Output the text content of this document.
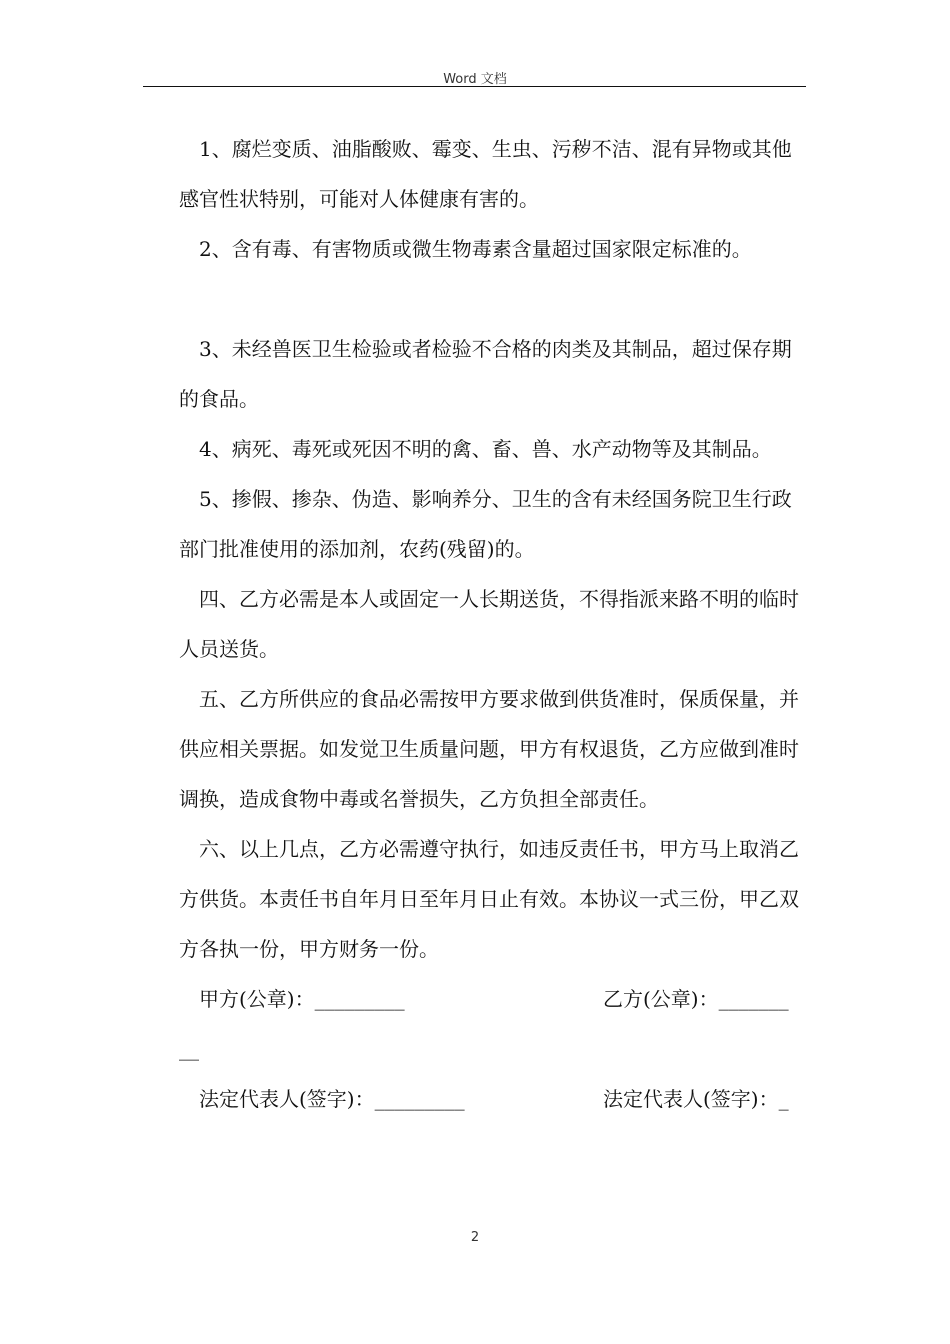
Word 文档

1、腐烂变质、油脂酸败、霉变、生虫、污秽不洁、混有异物或其他感官性状特别，可能对人体健康有害的。

2、含有毒、有害物质或微生物毒素含量超过国家限定标准的。

3、未经兽医卫生检验或者检验不合格的肉类及其制品，超过保存期的食品。

4、病死、毒死或死因不明的禽、畜、兽、水产动物等及其制品。

5、掺假、掺杂、伪造、影响养分、卫生的含有未经国务院卫生行政部门批准使用的添加剂，农药(残留)的。

四、乙方必需是本人或固定一人长期送货，不得指派来路不明的临时人员送货。

五、乙方所供应的食品必需按甲方要求做到供货准时，保质保量，并供应相关票据。如发觉卫生质量问题，甲方有权退货，乙方应做到准时调换，造成食物中毒或名誉损失，乙方负担全部责任。

六、以上几点，乙方必需遵守执行，如违反责任书，甲方马上取消乙方供货。本责任书自年月日至年月日止有效。本协议一式三份，甲乙双方各执一份，甲方财务一份。

甲方(公章)：_________	乙方(公章)：_______
__
法定代表人(签字)：_________	法定代表人(签字)：_
2
